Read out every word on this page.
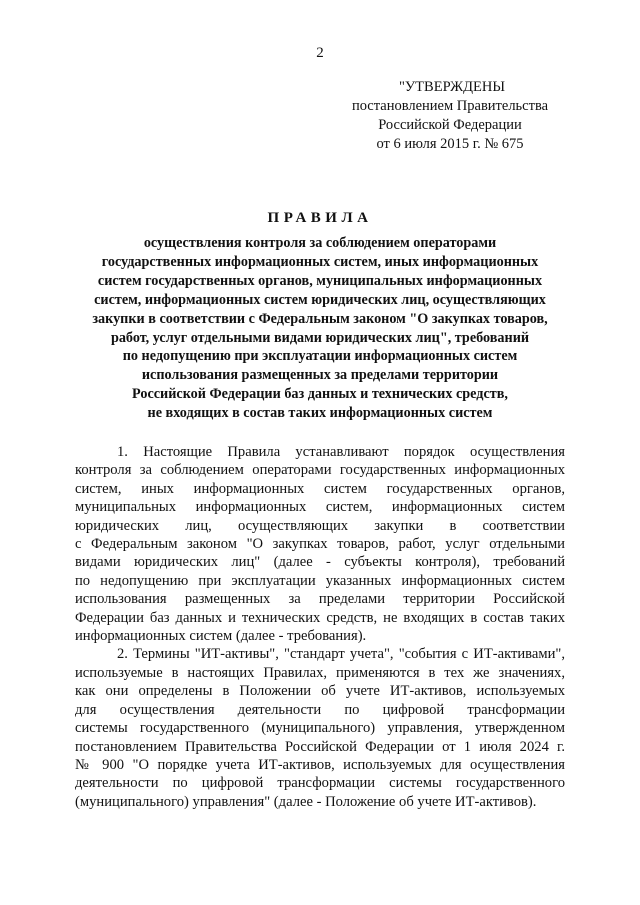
2
"УТВЕРЖДЕНЫ
постановлением Правительства
Российской Федерации
от 6 июля 2015 г. № 675
ПРАВИЛА
осуществления контроля за соблюдением операторами
государственных информационных систем, иных информационных
систем государственных органов, муниципальных информационных
систем, информационных систем юридических лиц, осуществляющих
закупки в соответствии с Федеральным законом "О закупках товаров,
работ, услуг отдельными видами юридических лиц", требований
по недопущению при эксплуатации информационных систем
использования размещенных за пределами территории
Российской Федерации баз данных и технических средств,
не входящих в состав таких информационных систем
1. Настоящие Правила устанавливают порядок осуществления
контроля за соблюдением операторами государственных информационных
систем, иных информационных систем государственных органов,
муниципальных информационных систем, информационных систем
юридических лиц, осуществляющих закупки в соответствии
с Федеральным законом "О закупках товаров, работ, услуг отдельными
видами юридических лиц" (далее - субъекты контроля), требований
по недопущению при эксплуатации указанных информационных систем
использования размещенных за пределами территории Российской
Федерации баз данных и технических средств, не входящих в состав таких
информационных систем (далее - требования).
2. Термины "ИТ-активы", "стандарт учета", "события с ИТ-активами",
используемые в настоящих Правилах, применяются в тех же значениях,
как они определены в Положении об учете ИТ-активов, используемых
для осуществления деятельности по цифровой трансформации
системы государственного (муниципального) управления, утвержденном
постановлением Правительства Российской Федерации от 1 июля 2024 г.
№ 900 "О порядке учета ИТ-активов, используемых для осуществления
деятельности по цифровой трансформации системы государственного
(муниципального) управления" (далее - Положение об учете ИТ-активов).
